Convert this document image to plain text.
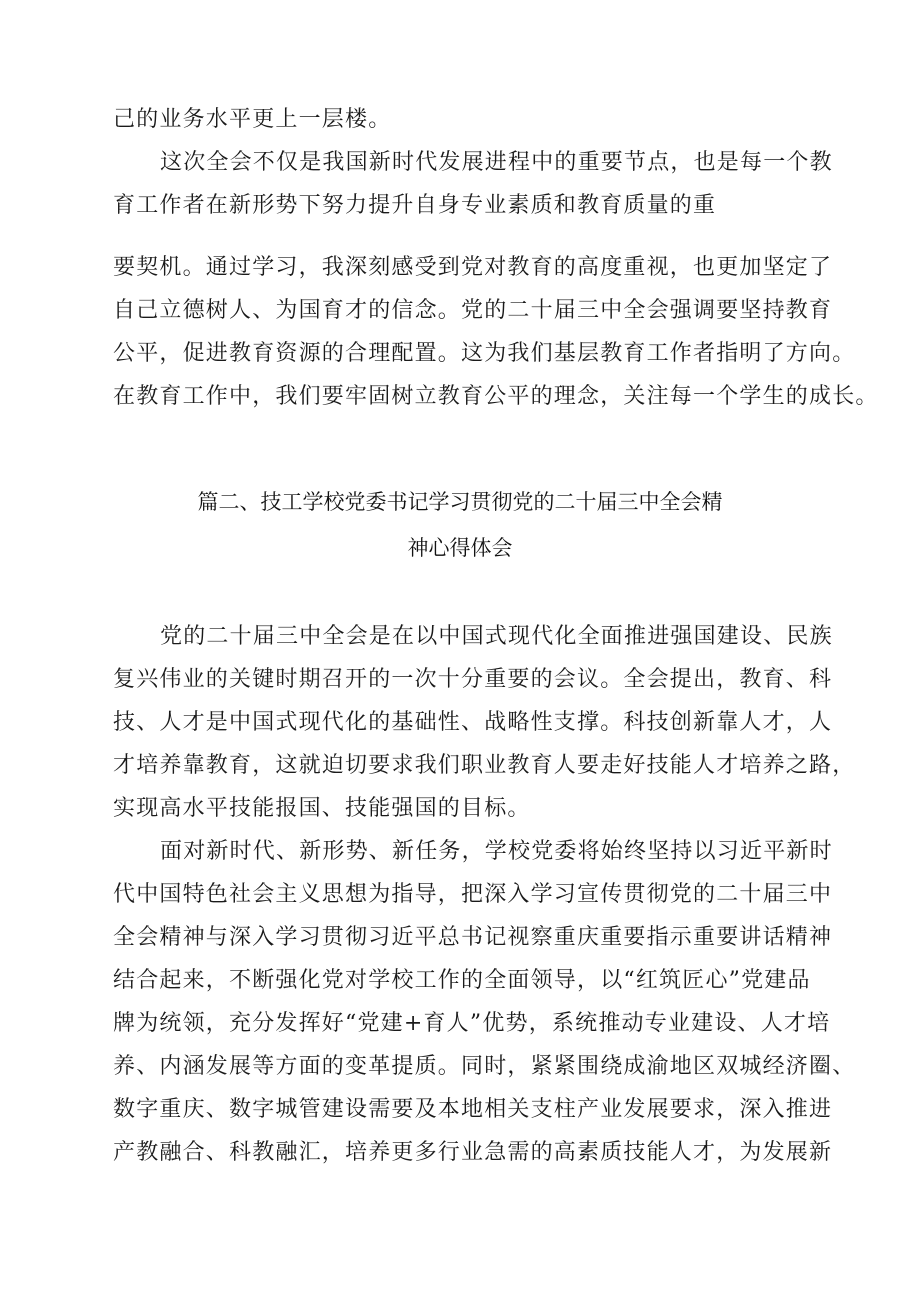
己的业务水平更上一层楼。
这次全会不仅是我国新时代发展进程中的重要节点，也是每一个教
育工作者在新形势下努力提升自身专业素质和教育质量的重
要契机。通过学习，我深刻感受到党对教育的高度重视，也更加坚定了
自己立德树人、为国育才的信念。党的二十届三中全会强调要坚持教育
公平，促进教育资源的合理配置。这为我们基层教育工作者指明了方向。
在教育工作中，我们要牢固树立教育公平的理念，关注每一个学生的成长。
篇二、技工学校党委书记学习贯彻党的二十届三中全会精
神心得体会
党的二十届三中全会是在以中国式现代化全面推进强国建设、民族
复兴伟业的关键时期召开的一次十分重要的会议。全会提出，教育、科
技、人才是中国式现代化的基础性、战略性支撑。科技创新靠人才，人
才培养靠教育，这就迫切要求我们职业教育人要走好技能人才培养之路，
实现高水平技能报国、技能强国的目标。
面对新时代、新形势、新任务，学校党委将始终坚持以习近平新时
代中国特色社会主义思想为指导，把深入学习宣传贯彻党的二十届三中
全会精神与深入学习贯彻习近平总书记视察重庆重要指示重要讲话精神
结合起来，不断强化党对学校工作的全面领导，以“红筑匠心”党建品
牌为统领，充分发挥好“党建+育人”优势，系统推动专业建设、人才培
养、内涵发展等方面的变革提质。同时，紧紧围绕成渝地区双城经济圈、
数字重庆、数字城管建设需要及本地相关支柱产业发展要求，深入推进
产教融合、科教融汇，培养更多行业急需的高素质技能人才，为发展新
